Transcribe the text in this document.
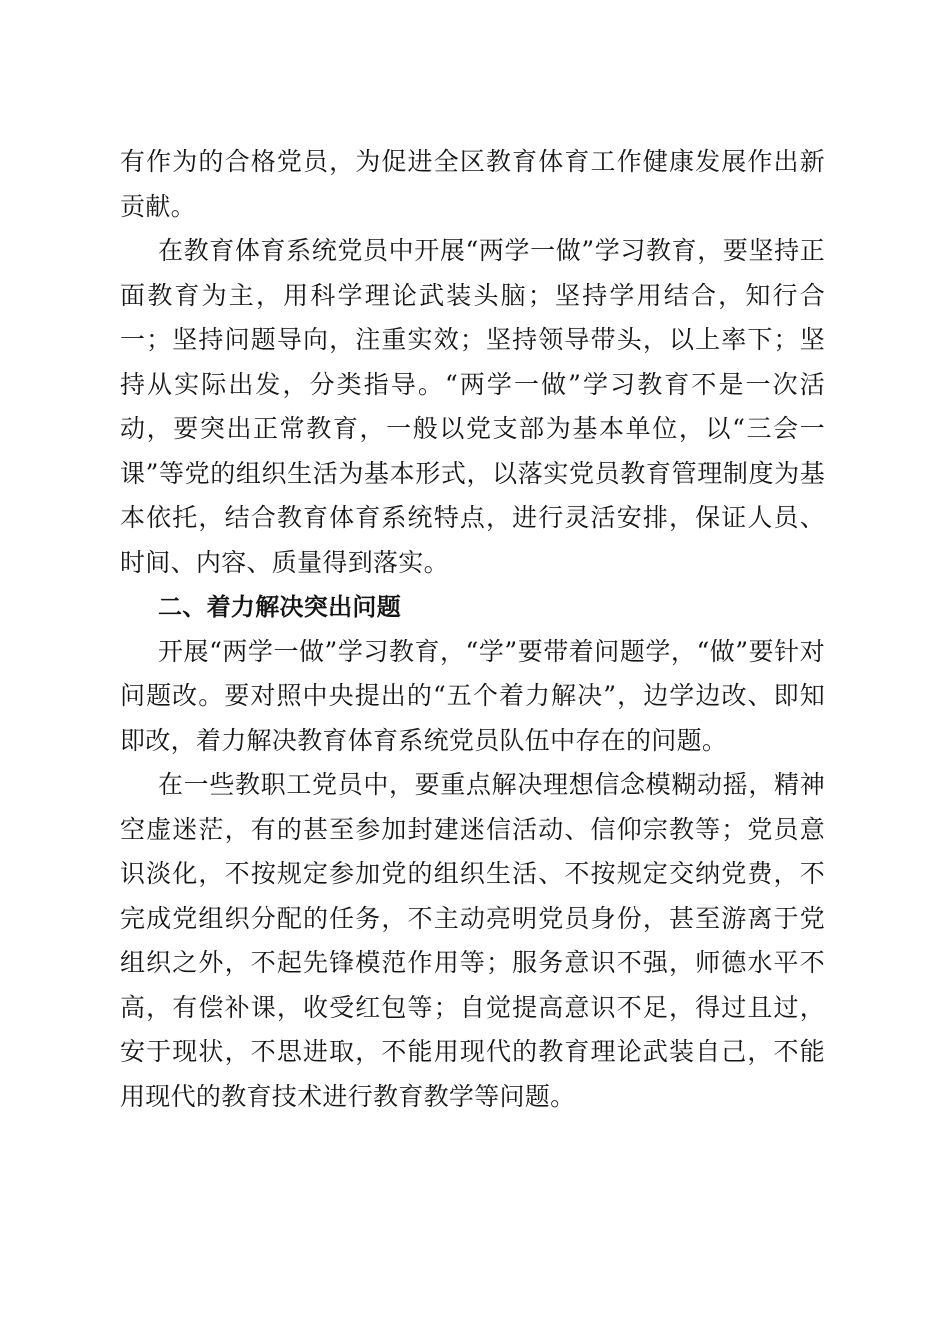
有作为的合格党员，为促进全区教育体育工作健康发展作出新贡献。

在教育体育系统党员中开展“两学一做”学习教育，要坚持正面教育为主，用科学理论武装头脑；坚持学用结合，知行合一；坚持问题导向，注重实效；坚持领导带头，以上率下；坚持从实际出发，分类指导。“两学一做”学习教育不是一次活动，要突出正常教育，一般以党支部为基本单位，以“三会一课”等党的组织生活为基本形式，以落实党员教育管理制度为基本依托，结合教育体育系统特点，进行灵活安排，保证人员、时间、内容、质量得到落实。

二、着力解决突出问题

开展“两学一做”学习教育，“学”要带着问题学，“做”要针对问题改。要对照中央提出的“五个着力解决”，边学边改、即知即改，着力解决教育体育系统党员队伍中存在的问题。

在一些教职工党员中，要重点解决理想信念模糊动摇，精神空虚迷茫，有的甚至参加封建迷信活动、信仰宗教等；党员意识淡化，不按规定参加党的组织生活、不按规定交纳党费，不完成党组织分配的任务，不主动亮明党员身份，甚至游离于党组织之外，不起先锋模范作用等；服务意识不强，师德水平不高，有偿补课，收受红包等；自觉提高意识不足，得过且过，安于现状，不思进取，不能用现代的教育理论武装自己，不能用现代的教育技术进行教育教学等问题。
